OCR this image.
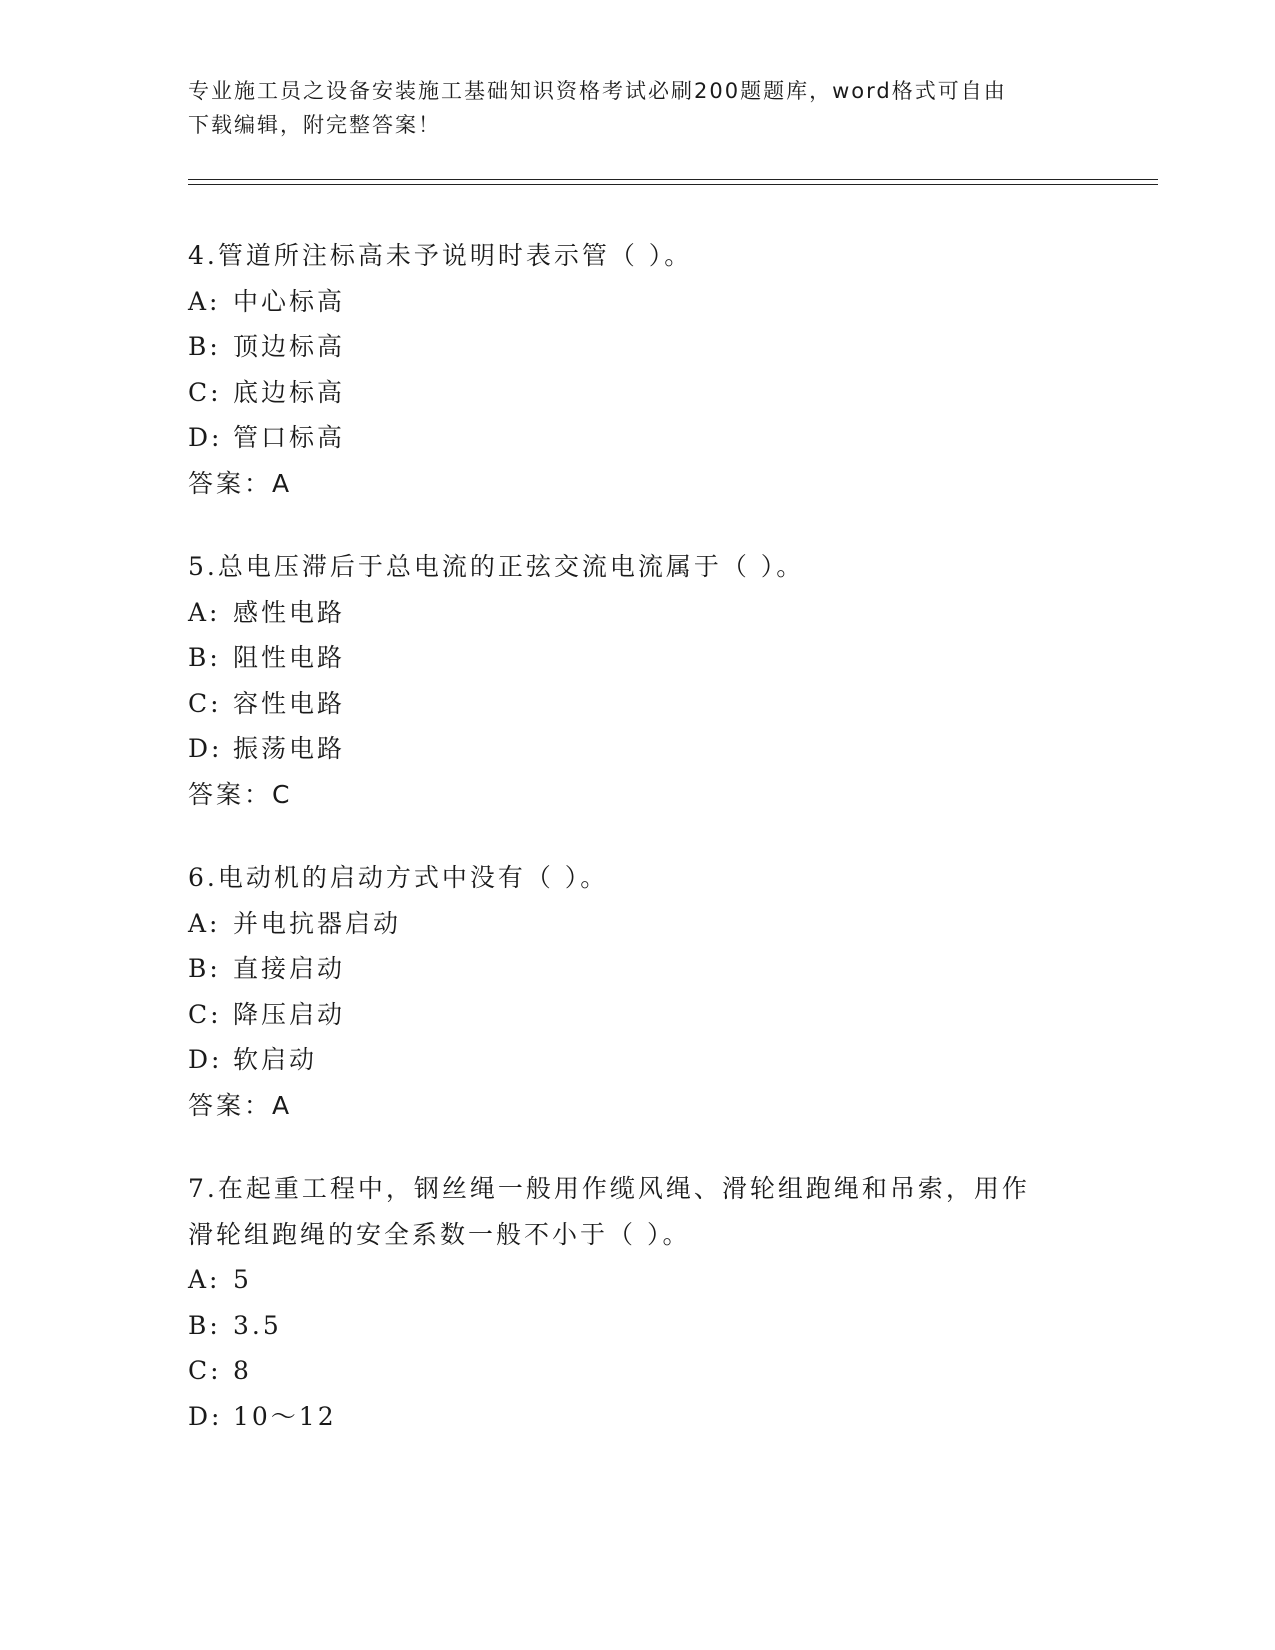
专业施工员之设备安装施工基础知识资格考试必刷200题题库，word格式可自由
下载编辑，附完整答案！

4.管道所注标高未予说明时表示管（ ）。

A: 中心标高

B: 顶边标高

C: 底边标高

D: 管口标高

答案：A

5.总电压滞后于总电流的正弦交流电流属于（ ）。

A: 感性电路

B: 阻性电路

C: 容性电路

D: 振荡电路

答案：C

6.电动机的启动方式中没有（ ）。

A: 并电抗器启动

B: 直接启动

C: 降压启动

D: 软启动

答案：A

7.在起重工程中，钢丝绳一般用作缆风绳、滑轮组跑绳和吊索，用作

滑轮组跑绳的安全系数一般不小于（ ）。

A: 5

B: 3.5

C: 8

D: 10～12
